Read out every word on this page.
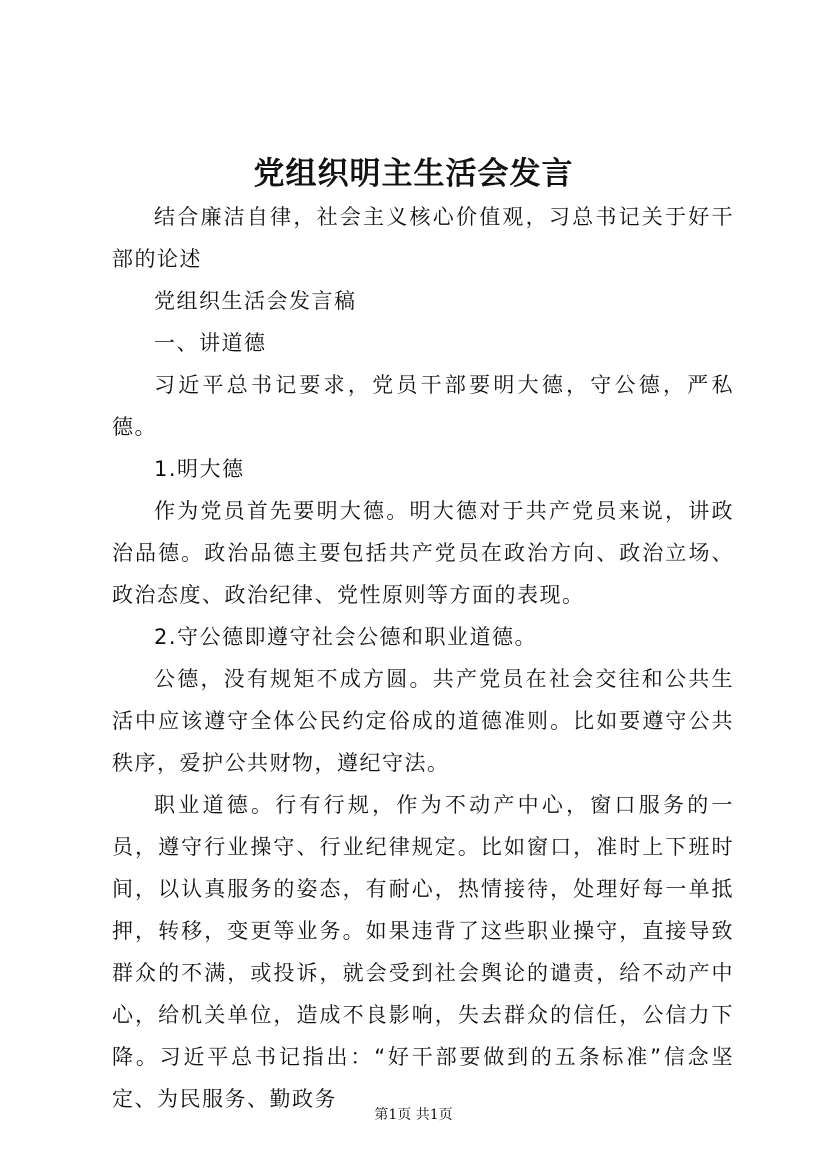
党组织明主生活会发言

结合廉洁自律，社会主义核心价值观，习总书记关于好干部的论述

党组织生活会发言稿

一、讲道德

习近平总书记要求，党员干部要明大德，守公德，严私德。

1.明大德

作为党员首先要明大德。明大德对于共产党员来说，讲政治品德。政治品德主要包括共产党员在政治方向、政治立场、政治态度、政治纪律、党性原则等方面的表现。

2.守公德即遵守社会公德和职业道德。

公德，没有规矩不成方圆。共产党员在社会交往和公共生活中应该遵守全体公民约定俗成的道德准则。比如要遵守公共秩序，爱护公共财物，遵纪守法。

职业道德。行有行规，作为不动产中心，窗口服务的一员，遵守行业操守、行业纪律规定。比如窗口，准时上下班时间，以认真服务的姿态，有耐心，热情接待，处理好每一单抵押，转移，变更等业务。如果违背了这些职业操守，直接导致群众的不满，或投诉，就会受到社会舆论的谴责，给不动产中心，给机关单位，造成不良影响，失去群众的信任，公信力下降。习近平总书记指出：“好干部要做到的五条标准”信念坚定、为民服务、勤政务

第1页 共1页
